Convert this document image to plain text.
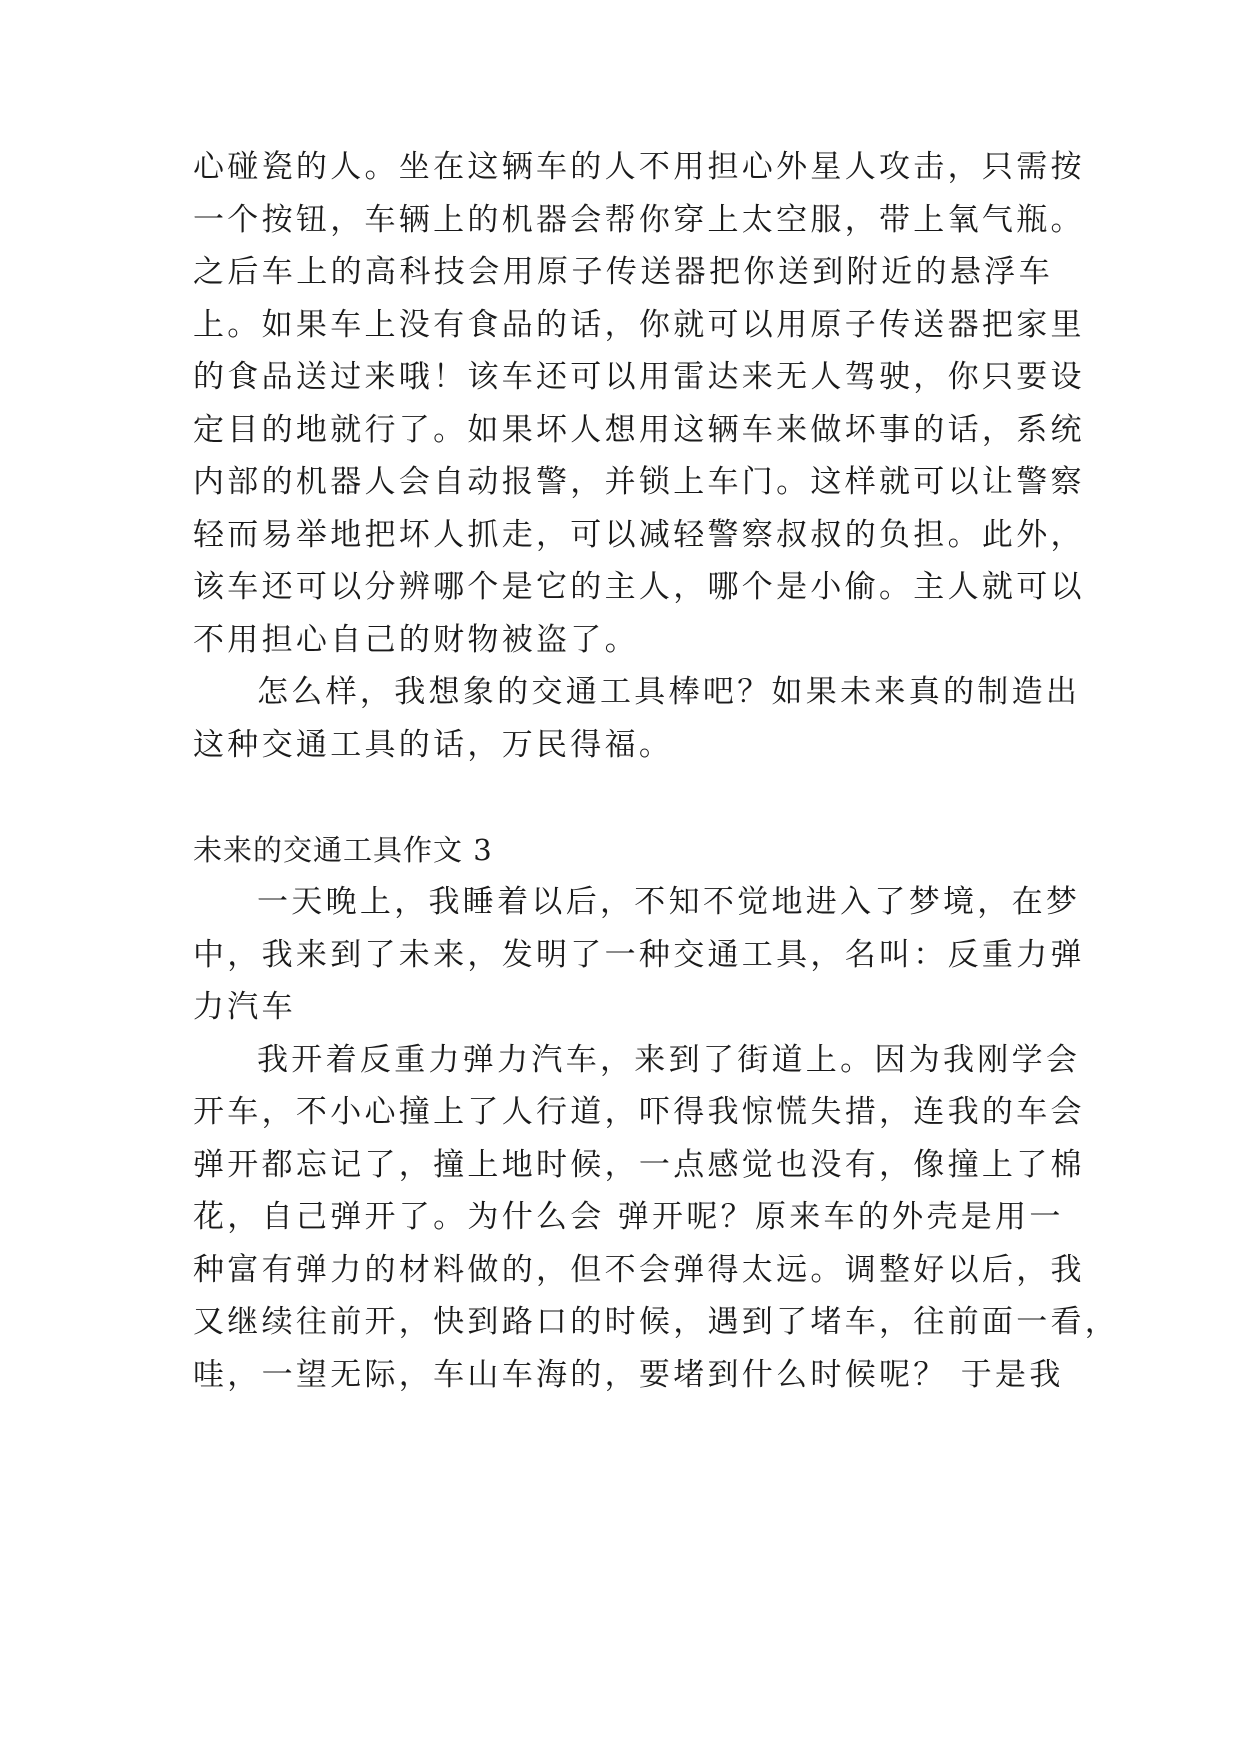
心碰瓷的人。坐在这辆车的人不用担心外星人攻击，只需按
一个按钮，车辆上的机器会帮你穿上太空服，带上氧气瓶。
之后车上的高科技会用原子传送器把你送到附近的悬浮车
上。如果车上没有食品的话，你就可以用原子传送器把家里
的食品送过来哦！该车还可以用雷达来无人驾驶，你只要设
定目的地就行了。如果坏人想用这辆车来做坏事的话，系统
内部的机器人会自动报警，并锁上车门。这样就可以让警察
轻而易举地把坏人抓走，可以减轻警察叔叔的负担。此外，
该车还可以分辨哪个是它的主人，哪个是小偷。主人就可以
不用担心自己的财物被盗了。
怎么样，我想象的交通工具棒吧？如果未来真的制造出
这种交通工具的话，万民得福。
未来的交通工具作文 3
一天晚上，我睡着以后，不知不觉地进入了梦境，在梦
中，我来到了未来，发明了一种交通工具，名叫：反重力弹
力汽车
我开着反重力弹力汽车，来到了街道上。因为我刚学会
开车，不小心撞上了人行道，吓得我惊慌失措，连我的车会
弹开都忘记了，撞上地时候，一点感觉也没有，像撞上了棉
花，自己弹开了。为什么会 弹开呢？原来车的外壳是用一
种富有弹力的材料做的，但不会弹得太远。调整好以后，我
又继续往前开，快到路口的时候，遇到了堵车，往前面一看，
哇，一望无际，车山车海的，要堵到什么时候呢？ 于是我
